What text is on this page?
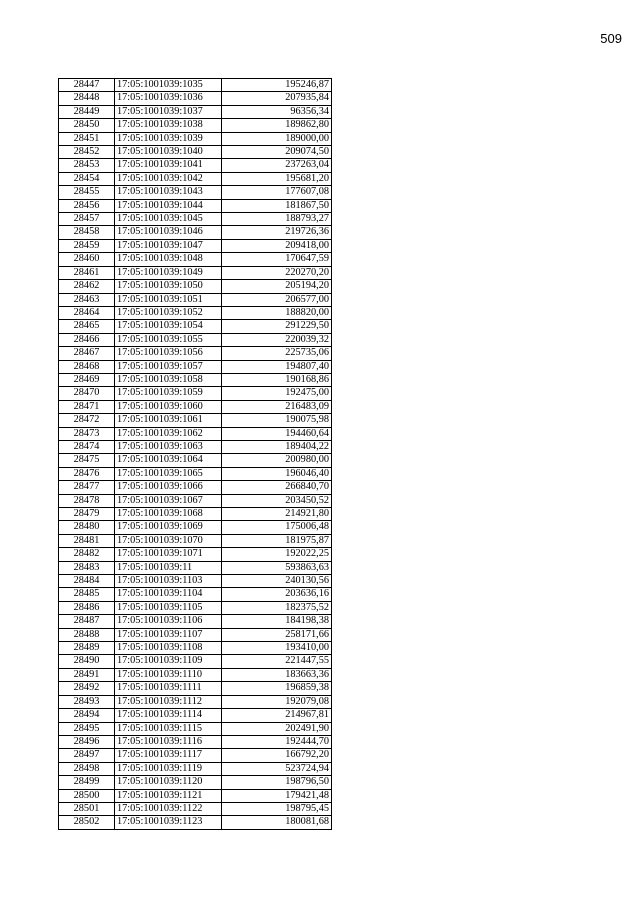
509
28447	17:05:1001039:1035	195246,87
28448	17:05:1001039:1036	207935,84
28449	17:05:1001039:1037	96356,34
28450	17:05:1001039:1038	189862,80
28451	17:05:1001039:1039	189000,00
28452	17:05:1001039:1040	209074,50
28453	17:05:1001039:1041	237263,04
28454	17:05:1001039:1042	195681,20
28455	17:05:1001039:1043	177607,08
28456	17:05:1001039:1044	181867,50
28457	17:05:1001039:1045	188793,27
28458	17:05:1001039:1046	219726,36
28459	17:05:1001039:1047	209418,00
28460	17:05:1001039:1048	170647,59
28461	17:05:1001039:1049	220270,20
28462	17:05:1001039:1050	205194,20
28463	17:05:1001039:1051	206577,00
28464	17:05:1001039:1052	188820,00
28465	17:05:1001039:1054	291229,50
28466	17:05:1001039:1055	220039,32
28467	17:05:1001039:1056	225735,06
28468	17:05:1001039:1057	194807,40
28469	17:05:1001039:1058	190168,86
28470	17:05:1001039:1059	192475,00
28471	17:05:1001039:1060	216483,09
28472	17:05:1001039:1061	190075,98
28473	17:05:1001039:1062	194460,64
28474	17:05:1001039:1063	189404,22
28475	17:05:1001039:1064	200980,00
28476	17:05:1001039:1065	196046,40
28477	17:05:1001039:1066	266840,70
28478	17:05:1001039:1067	203450,52
28479	17:05:1001039:1068	214921,80
28480	17:05:1001039:1069	175006,48
28481	17:05:1001039:1070	181975,87
28482	17:05:1001039:1071	192022,25
28483	17:05:1001039:11	593863,63
28484	17:05:1001039:1103	240130,56
28485	17:05:1001039:1104	203636,16
28486	17:05:1001039:1105	182375,52
28487	17:05:1001039:1106	184198,38
28488	17:05:1001039:1107	258171,66
28489	17:05:1001039:1108	193410,00
28490	17:05:1001039:1109	221447,55
28491	17:05:1001039:1110	183663,36
28492	17:05:1001039:1111	196859,38
28493	17:05:1001039:1112	192079,08
28494	17:05:1001039:1114	214967,81
28495	17:05:1001039:1115	202491,90
28496	17:05:1001039:1116	192444,70
28497	17:05:1001039:1117	166792,20
28498	17:05:1001039:1119	523724,94
28499	17:05:1001039:1120	198796,50
28500	17:05:1001039:1121	179421,48
28501	17:05:1001039:1122	198795,45
28502	17:05:1001039:1123	180081,68
